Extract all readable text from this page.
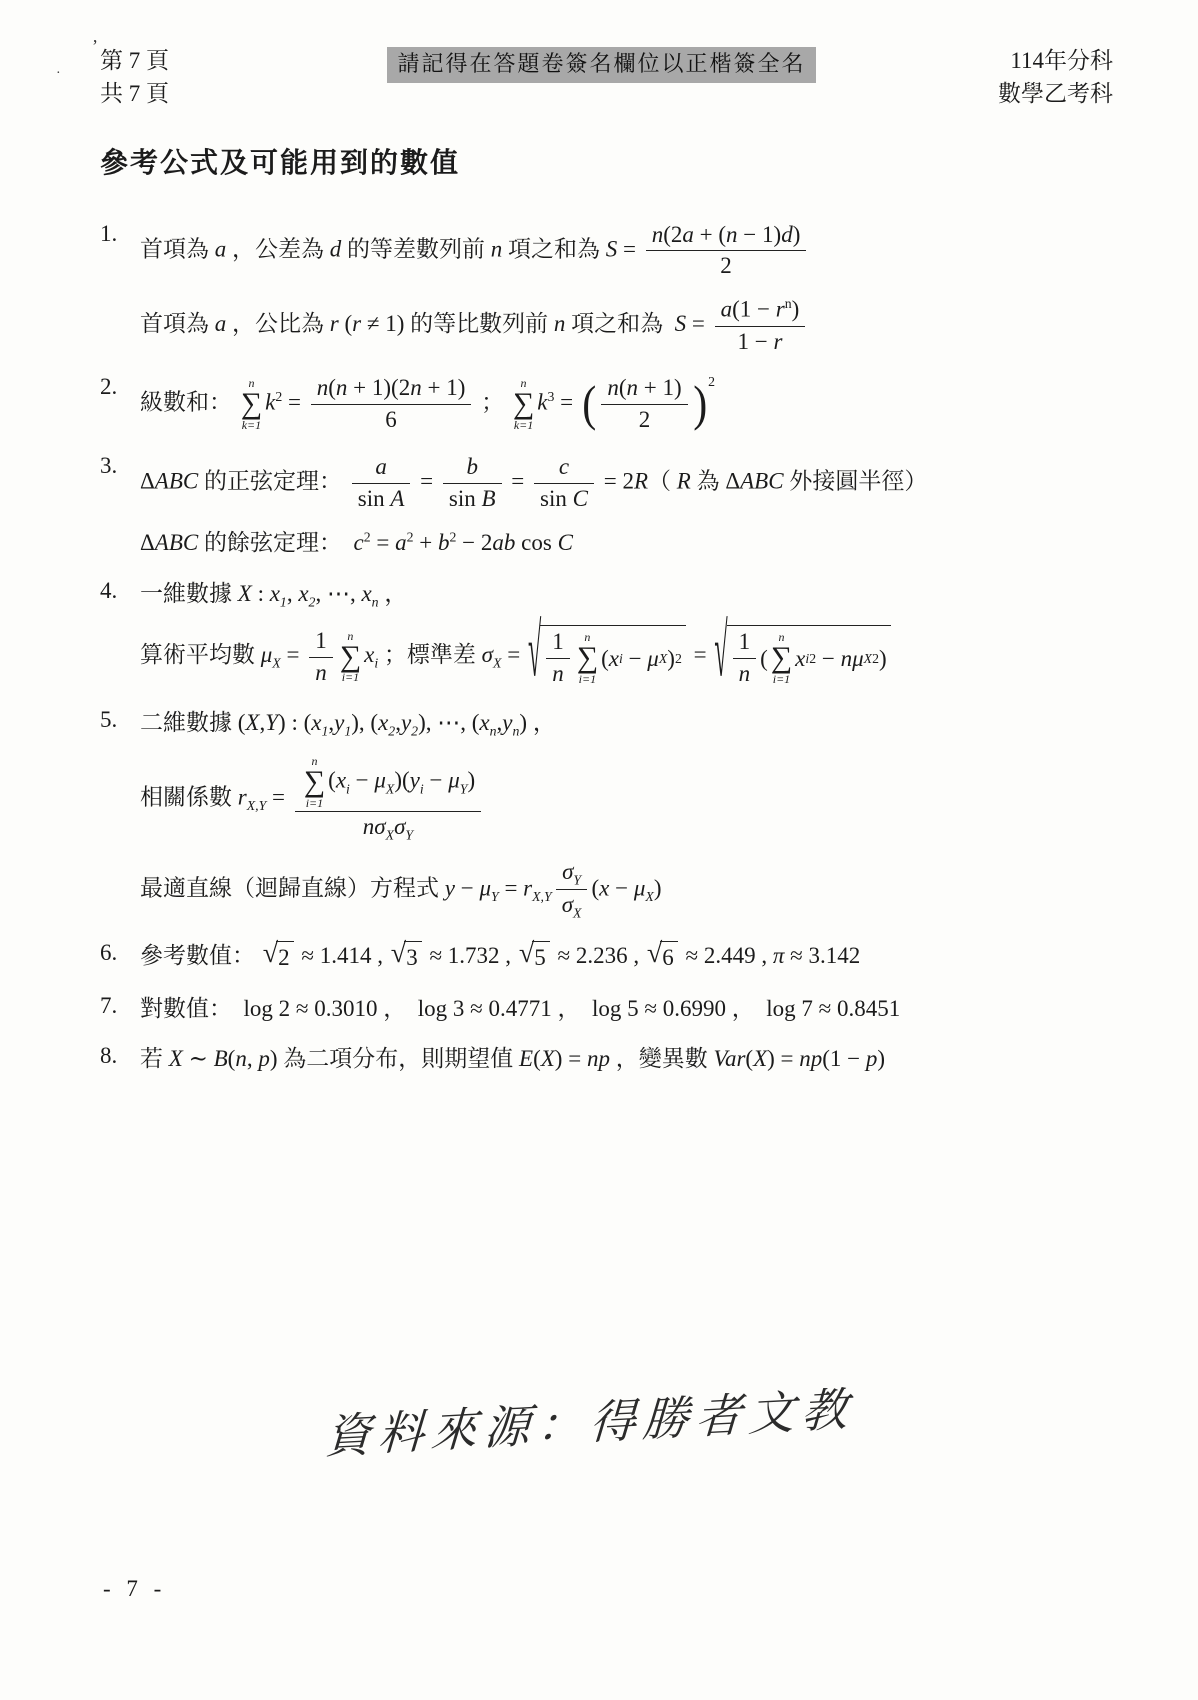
’
·
第 7 頁
共 7 頁
請記得在答題卷簽名欄位以正楷簽全名	114年分科
數學乙考科
參考公式及可能用到的數值
1.
首項為 a ，公差為 d 的等差數列前 n 項之和為 $S = \frac{n(2a + (n - 1)d)}{2}$
首項為 a ，公比為 r (r ≠ 1) 的等比數列前 n 項之和為  $S = \frac{a(1 - r^n)}{1 - r}$
2.
級數和：
n
∑
k=1
$k^2 = \frac{n(n + 1)(2n + 1)}{6}$ ；
n
∑
k=1
$k^3$ = ( n(n + 1)
2 ) 2
3.
ΔABC 的正弦定理： $\frac{a}{\text{sin A}} = \frac{b}{\text{sin B}} = \frac{c}{\text{sin C}} = 2R$（ R 為 ΔABC 外接圓半徑）
ΔABC 的餘弦定理：  $c^2 = a^2 + b^2 - 2ab$ cos C
4. 一維數據 X : $x_1$, $x_2$, ⋯, $x_n$ ，
算術平均數 $\mu_X = \frac{1}{n}$ n
∑
i=1
$x_i$ ；標準差 $\sigma_X$ = √ 1
n
n
∑
i=1
( x i − μ X ) 2 = √ 1
n
(
n
∑
i=1
x i 2 − n μ X 2 )
5. 二維數據 (X,Y) : $(x_1,y_1)$, $(x_2,y_2)$, ⋯, $(x_n,y_n)$ ，
相關係數 $r_{X,Y}$ =
n
∑
i=1
$(x_i - \mu_X)(y_i - \mu_Y)$
$n\sigma_X\sigma_Y$
最適直線（迴歸直線）方程式 $y - \mu_Y = r_{X,Y} \frac{\sigma_Y}{\sigma_X} (x - \mu_X)$
6. 參考數值： √ 2 ≈ 1.414 , √ 3 ≈ 1.732 , √ 5 ≈ 2.236 , √ 6 ≈ 2.449 , π ≈ 3.142
7. 對數值：  log 2 ≈ 0.3010 ，  log 3 ≈ 0.4771 ，  log 5 ≈ 0.6990 ，  log 7 ≈ 0.8451
8. 若 X ∼ B(n, p) 為二項分布，則期望值 E(X) = np ，變異數 Var(X) = np(1 − p)
資料來源：得勝者文教
- 7 -
